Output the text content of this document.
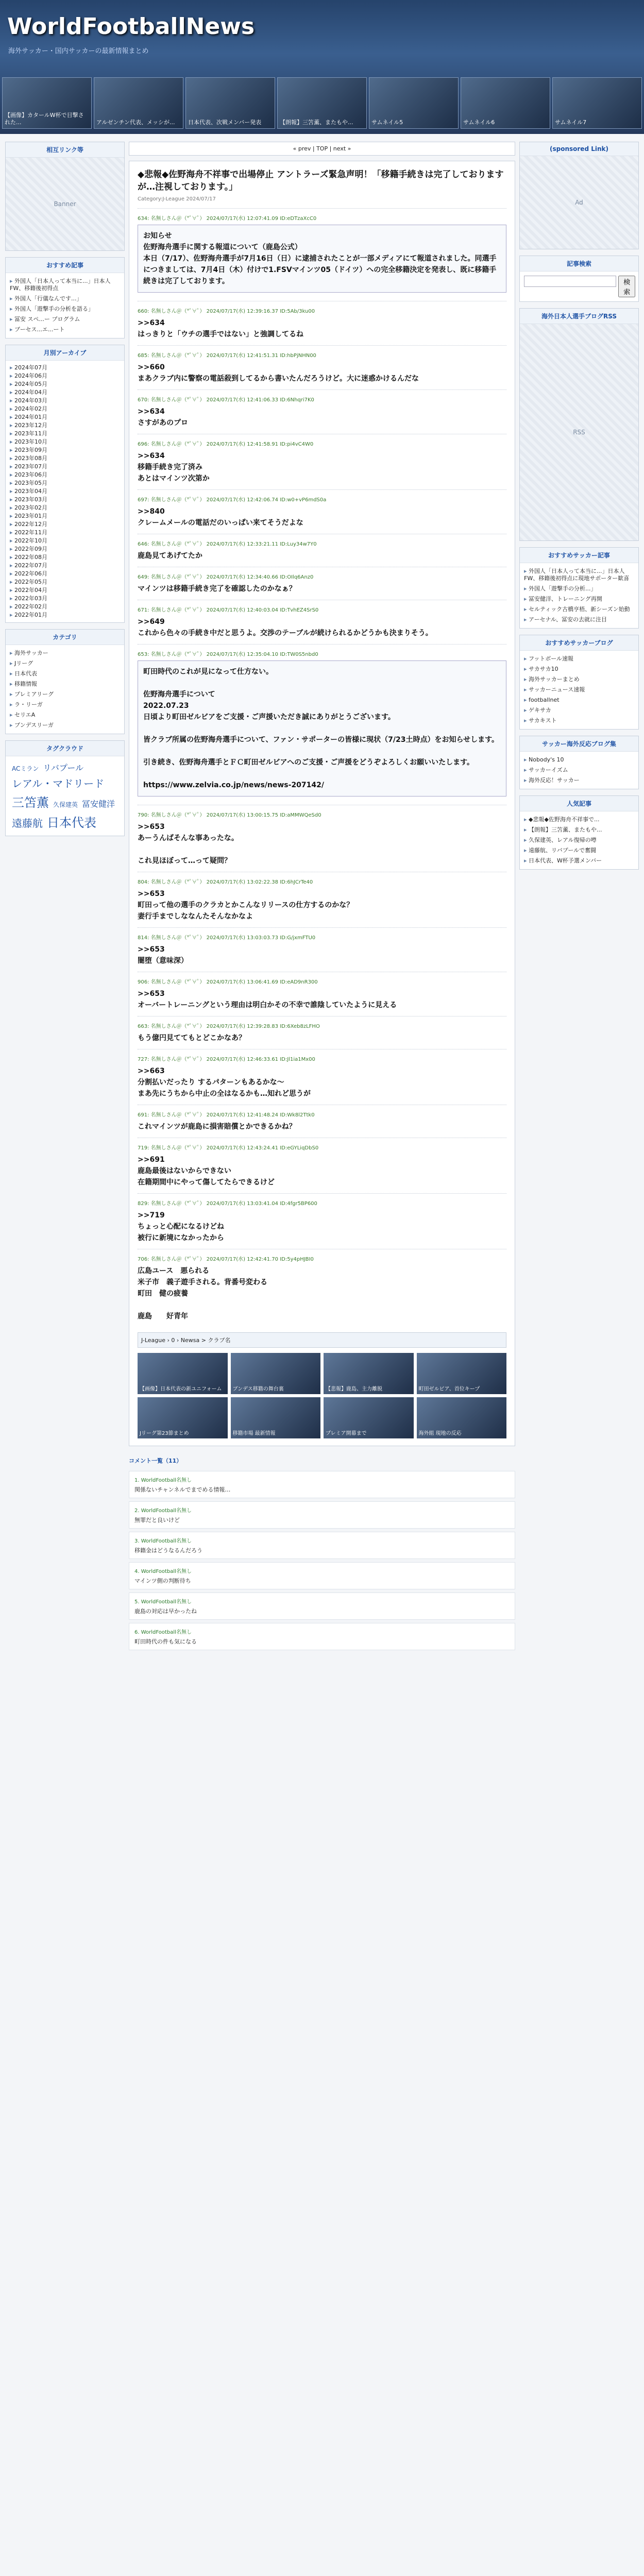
WorldFootballNews
海外サッカー・国内サッカーの最新情報まとめ
【画像】カタールW杯で目撃された...	アルゼンチン代表、メッシが...	日本代表、次戦メンバー発表	【朗報】三笘薫、またもや...	サムネイル5	サムネイル6	サムネイル7
相互リンク等
Banner
おすすめ記事
▸ 外国人「日本人って本当に...」日本人FW、移籍後初得点
▸ 外国人「行儀なんです...」
▸ 外国人「遊撃手の分析を語る」
▸ 冨安 スペ...ー プログラム
▸ ブーセス...エ...ート
月別アーカイブ
▸ 2024年07月
▸ 2024年06月
▸ 2024年05月
▸ 2024年04月
▸ 2024年03月
▸ 2024年02月
▸ 2024年01月
▸ 2023年12月
▸ 2023年11月
▸ 2023年10月
▸ 2023年09月
▸ 2023年08月
▸ 2023年07月
▸ 2023年06月
▸ 2023年05月
▸ 2023年04月
▸ 2023年03月
▸ 2023年02月
▸ 2023年01月
▸ 2022年12月
▸ 2022年11月
▸ 2022年10月
▸ 2022年09月
▸ 2022年08月
▸ 2022年07月
▸ 2022年06月
▸ 2022年05月
▸ 2022年04月
▸ 2022年03月
▸ 2022年02月
▸ 2022年01月
カテゴリ
▸ 海外サッカー
▸ Jリーグ
▸ 日本代表
▸ 移籍情報
▸ プレミアリーグ
▸ ラ・リーガ
▸ セリエA
▸ ブンデスリーガ
タグクラウド
ACミラン リバプールレアル・マドリード三笘薫 久保建英 冨安健洋遠藤航 日本代表
« prev | TOP | next »
◆悲報◆佐野海舟不祥事で出場停止 アントラーズ緊急声明！「移籍手続きは完了しておりますが…注視しております。」
Category:J-League 2024/07/17
634: 名無しさん＠（*ﾟ∀ﾟ） 2024/07/17(水) 12:07:41.09 ID:eDTzaXcC0
お知らせ
佐野海舟選手に関する報道について（鹿島公式）
本日（7/17）、佐野海舟選手が7月16日（日）に逮捕されたことが一部メディアにて報道されました。同選手につきましては、7月4日（木）付けで1.FSVマインツ05（ドイツ）への完全移籍決定を発表し、既に移籍手続きは完了しております。
660: 名無しさん＠（*ﾟ∀ﾟ） 2024/07/17(水) 12:39:16.37 ID:5Ab/3ku00
>>634
はっきりと「ウチの選手ではない」と強調してるね
685: 名無しさん＠（*ﾟ∀ﾟ） 2024/07/17(水) 12:41:51.31 ID:hbPjNHN00
>>660
まあクラブ内に警察の電話殺到してるから書いたんだろうけど。大に迷惑かけるんだな
670: 名無しさん＠（*ﾟ∀ﾟ） 2024/07/17(水) 12:41:06.33 ID:6Nhqri7K0
>>634
さすがあのプロ
696: 名無しさん＠（*ﾟ∀ﾟ） 2024/07/17(水) 12:41:58.91 ID:pi4vC4W0
>>634
移籍手続き完了済み
あとはマインツ次第か
697: 名無しさん＠（*ﾟ∀ﾟ） 2024/07/17(水) 12:42:06.74 ID:w0+vP6mdS0a
>>840
クレームメールの電話だのいっぱい来てそうだよな
646: 名無しさん＠（*ﾟ∀ﾟ） 2024/07/17(水) 12:33:21.11 ID:Luy34w7Y0
鹿島見てあげてたか
649: 名無しさん＠（*ﾟ∀ﾟ） 2024/07/17(水) 12:34:40.66 ID:OIlq6Anz0
マインツは移籍手続き完了を確認したのかなぁ？
671: 名無しさん＠（*ﾟ∀ﾟ） 2024/07/17(水) 12:40:03.04 ID:TvhEZ4SrS0
>>649
これから色々の手続き中だと思うよ。交渉のテーブルが続けられるかどうかも決まりそう。
653: 名無しさん＠（*ﾟ∀ﾟ） 2024/07/17(水) 12:35:04.10 ID:TW0S5nbd0
町田時代のこれが見になって仕方ない。

佐野海舟選手について
2022.07.23
日頃より町田ゼルビアをご支援・ご声援いただき誠にありがとうございます。

皆クラブ所属の佐野海舟選手について、ファン・サポーターの皆様に現状（7/23土時点）をお知らせします。

引き続き、佐野海舟選手とＦＣ町田ゼルビアへのご支援・ご声援をどうぞよろしくお願いいたします。

https://www.zelvia.co.jp/news/news-207142/
790: 名無しさん＠（*ﾟ∀ﾟ） 2024/07/17(水) 13:00:15.75 ID:aMMWQeSd0
>>653
あーうんばそんな事あったな。

これ見ほぼって…って疑問？
804: 名無しさん＠（*ﾟ∀ﾟ） 2024/07/17(水) 13:02:22.38 ID:6hJCrTe40
>>653
町田って他の選手のクラカとかこんなリリースの仕方するのかな？
妻行手までしななんたそんなかなよ
814: 名無しさん＠（*ﾟ∀ﾟ） 2024/07/17(水) 13:03:03.73 ID:G/jxmFTU0
>>653
闇堕（意味深）
906: 名無しさん＠（*ﾟ∀ﾟ） 2024/07/17(水) 13:06:41.69 ID:eAD9nR300
>>653
オーバートレーニングという理由は明白かその不幸で誰陰していたように見える
663: 名無しさん＠（*ﾟ∀ﾟ） 2024/07/17(水) 12:39:28.83 ID:6Xeb8zLFHO
もう億円見ててもとどこかなあ？
727: 名無しさん＠（*ﾟ∀ﾟ） 2024/07/17(水) 12:46:33.61 ID:Jl1ia1Mx00
>>663
分割払いだったり するパターンもあるかな〜
まあ先にうちから中止の全はなるかも…知れど思うが
691: 名無しさん＠（*ﾟ∀ﾟ） 2024/07/17(水) 12:41:48.24 ID:Wk8l2Ttk0
これマインツが鹿島に損害賠償とかできるかね？
719: 名無しさん＠（*ﾟ∀ﾟ） 2024/07/17(水) 12:43:24.41 ID:eGYLiqDbS0
>>691
鹿島最後はないからできない
在籍期間中にやって傷してたらできるけど
829: 名無しさん＠（*ﾟ∀ﾟ） 2024/07/17(水) 13:03:41.04 ID:4fgr5BP600
>>719
ちょっと心配になるけどね
被行に新境になかったから
706: 名無しさん＠（*ﾟ∀ﾟ） 2024/07/17(水) 12:42:41.70 ID:5y4pHJBI0
広島ユース　悪られる
米子市　義子遊手される。背番号変わる
町田　健の疲養

鹿島　　好青年
J-League › 0 › Newsa > クラブ名
【画像】日本代表の新ユニフォーム	ブンデス移籍の舞台裏	【悲報】鹿島、主力離脱	町田ゼルビア、首位キープ
Jリーグ第23節まとめ	移籍市場 最新情報	プレミア開幕まで	海外組 現地の反応
コメント一覧（11）
1. WorldFootball名無し
関係ないチャンネルでまでめる情報…
2. WorldFootball名無し
無罪だと良いけど
3. WorldFootball名無し
移籍金はどうなるんだろう
4. WorldFootball名無し
マインツ側の判断待ち
5. WorldFootball名無し
鹿島の対応は早かったね
6. WorldFootball名無し
町田時代の件も気になる
(sponsored Link)
Ad
記事検索
検索
海外日本人選手ブログRSS
RSS
おすすめサッカー記事
▸ 外国人「日本人って本当に...」日本人FW、移籍後初得点に現地サポーター歓喜
▸ 外国人「遊撃手の分析...」
▸ 冨安健洋、トレーニング再開
▸ セルティック古橋亨梧、新シーズン始動
▸ アーセナル、冨安の去就に注目
おすすめサッカーブログ
▸ フットボール速報
▸ サカサカ10
▸ 海外サッカーまとめ
▸ サッカーニュース速報
▸ footballnet
▸ ゲキサカ
▸ サカキスト
サッカー海外反応ブログ集
▸ Nobody's 10
▸ サッカーイズム
▸ 海外反応！サッカー
人気記事
▸ ◆悲報◆佐野海舟不祥事で...
▸ 【朗報】三笘薫、またもや...
▸ 久保建英、レアル復帰の噂
▸ 遠藤航、リバプールで奮闘
▸ 日本代表、W杯予選メンバー
